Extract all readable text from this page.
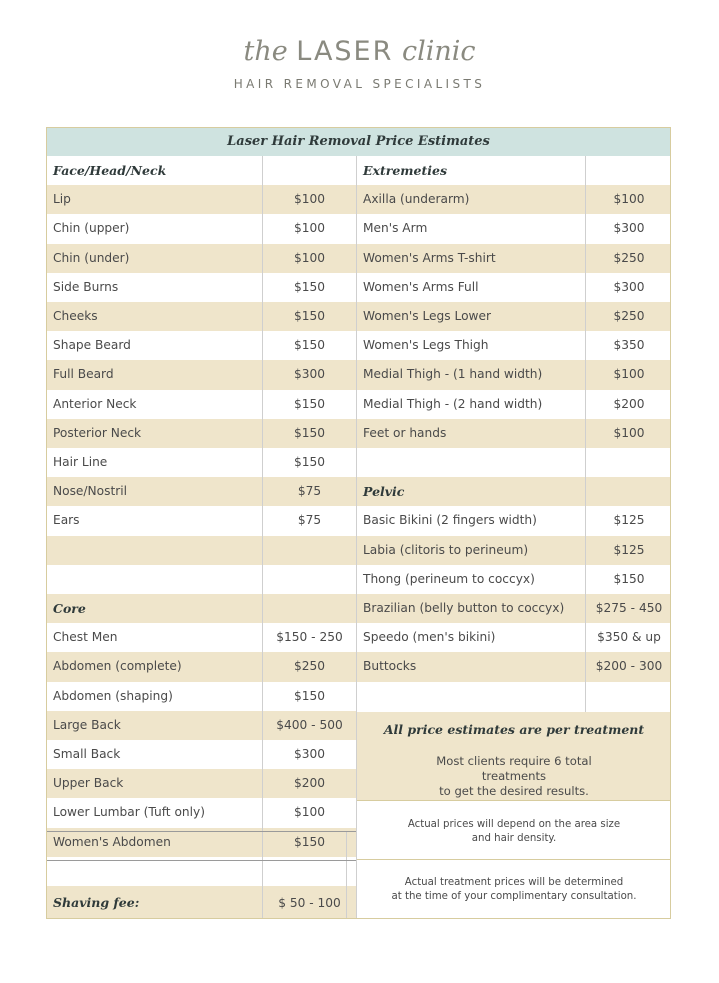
the LASER clinic
HAIR REMOVAL SPECIALISTS
Laser Hair Removal Price Estimates
All price estimates are per treatment
Most clients require 6 total treatments
to get the desired results.
Actual prices will depend on the area size
and hair density.
Actual treatment prices will be determined
at the time of your complimentary consultation.
Face/Head/Neck
Lip	$100
Chin (upper)	$100
Chin (under)	$100
Side Burns	$150
Cheeks	$150
Shape Beard	$150
Full Beard	$300
Anterior Neck	$150
Posterior Neck	$150
Hair Line	$150
Nose/Nostril	$75
Ears	$75
Core
Chest Men	$150 - 250
Abdomen (complete)	$250
Abdomen (shaping)	$150
Large Back	$400 - 500
Small Back	$300
Upper Back	$200
Lower Lumbar (Tuft only)	$100
Women's Abdomen	$150
Shaving fee:	$ 50 - 100
Extremeties
Axilla (underarm)	$100
Men's Arm	$300
Women's Arms T-shirt	$250
Women's Arms Full	$300
Women's Legs Lower	$250
Women's Legs Thigh	$350
Medial Thigh - (1 hand width)	$100
Medial Thigh - (2 hand width)	$200
Feet or hands	$100
Pelvic
Basic Bikini (2 fingers width)	$125
Labia (clitoris to perineum)	$125
Thong (perineum to coccyx)	$150
Brazilian (belly button to coccyx)	$275 - 450
Speedo (men's bikini)	$350 & up
Buttocks	$200 - 300
